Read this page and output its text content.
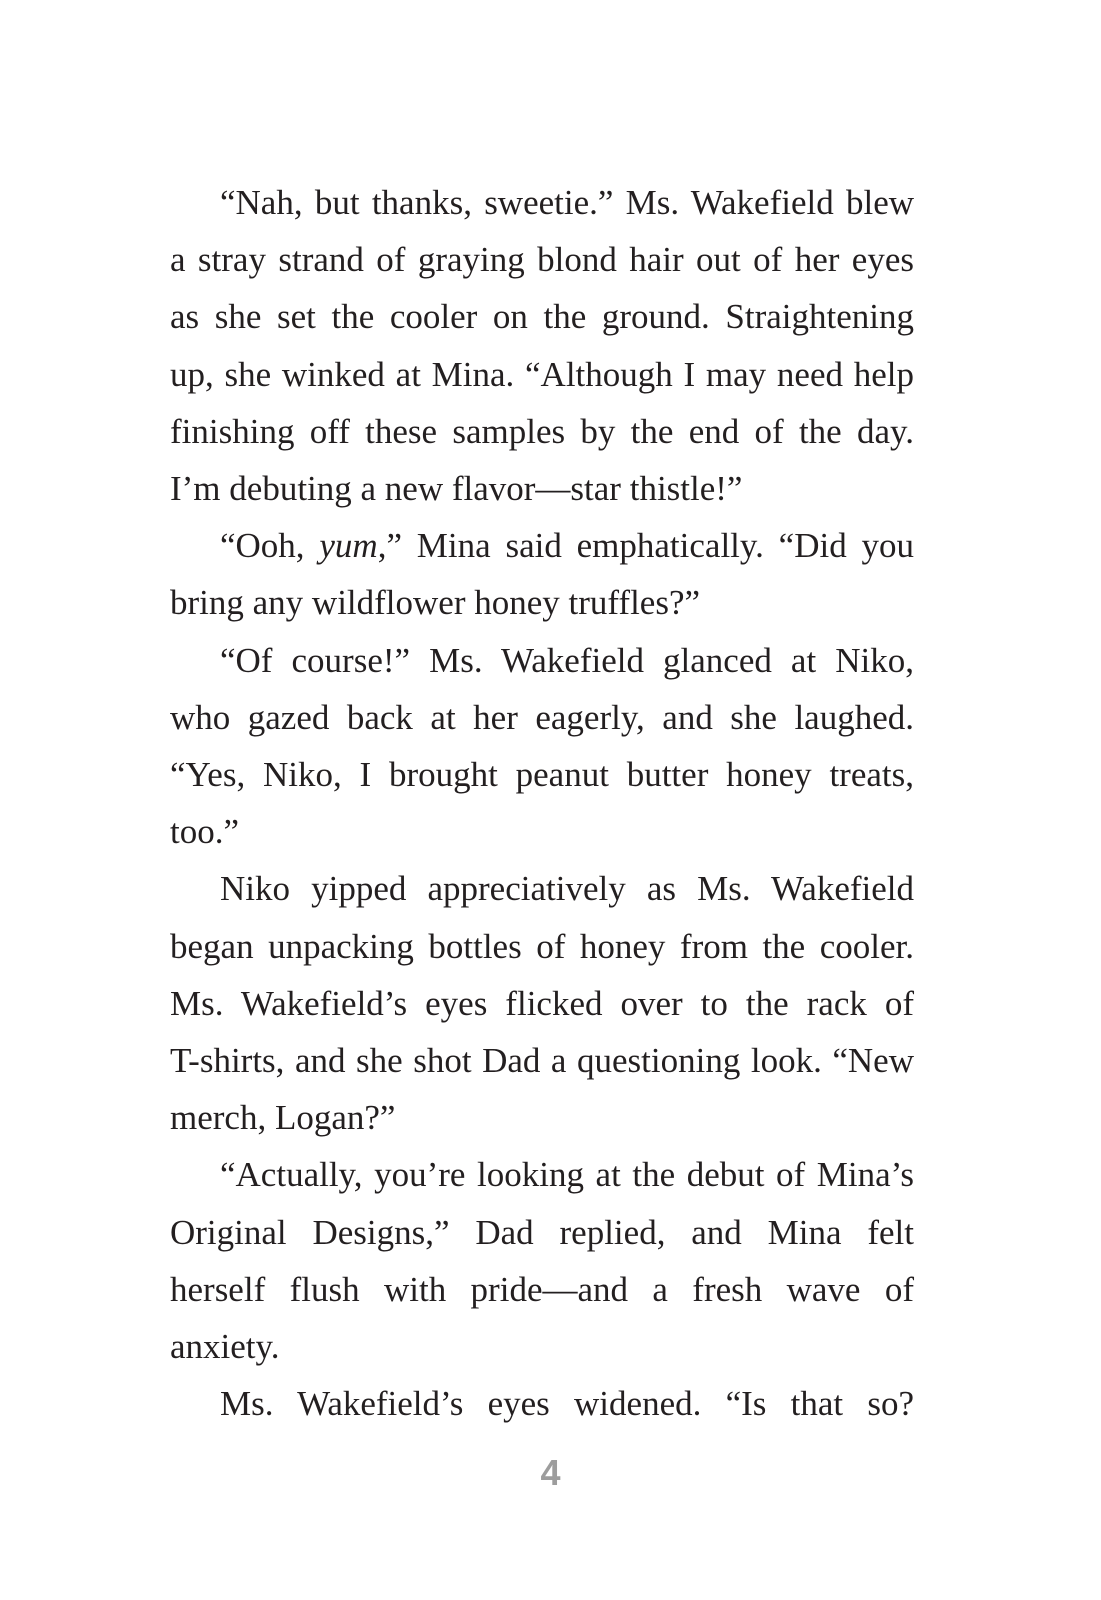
“Nah, but thanks, sweetie.” Ms. Wakefield blew
a stray strand of graying blond hair out of her eyes
as she set the cooler on the ground. Straightening
up, she winked at Mina. “Although I may need help
finishing off these samples by the end of the day.
I’m debuting a new flavor—star thistle!”

“Ooh, yum,” Mina said emphatically. “Did you
bring any wildflower honey truffles?”

“Of course!” Ms. Wakefield glanced at Niko,
who gazed back at her eagerly, and she laughed.
“Yes, Niko, I brought peanut butter honey treats,
too.”

Niko yipped appreciatively as Ms. Wakefield
began unpacking bottles of honey from the cooler.
Ms. Wakefield’s eyes flicked over to the rack of
T-shirts, and she shot Dad a questioning look. “New
merch, Logan?”

“Actually, you’re looking at the debut of Mina’s
Original Designs,” Dad replied, and Mina felt
herself flush with pride—and a fresh wave of
anxiety.

Ms. Wakefield’s eyes widened. “Is that so?

4
